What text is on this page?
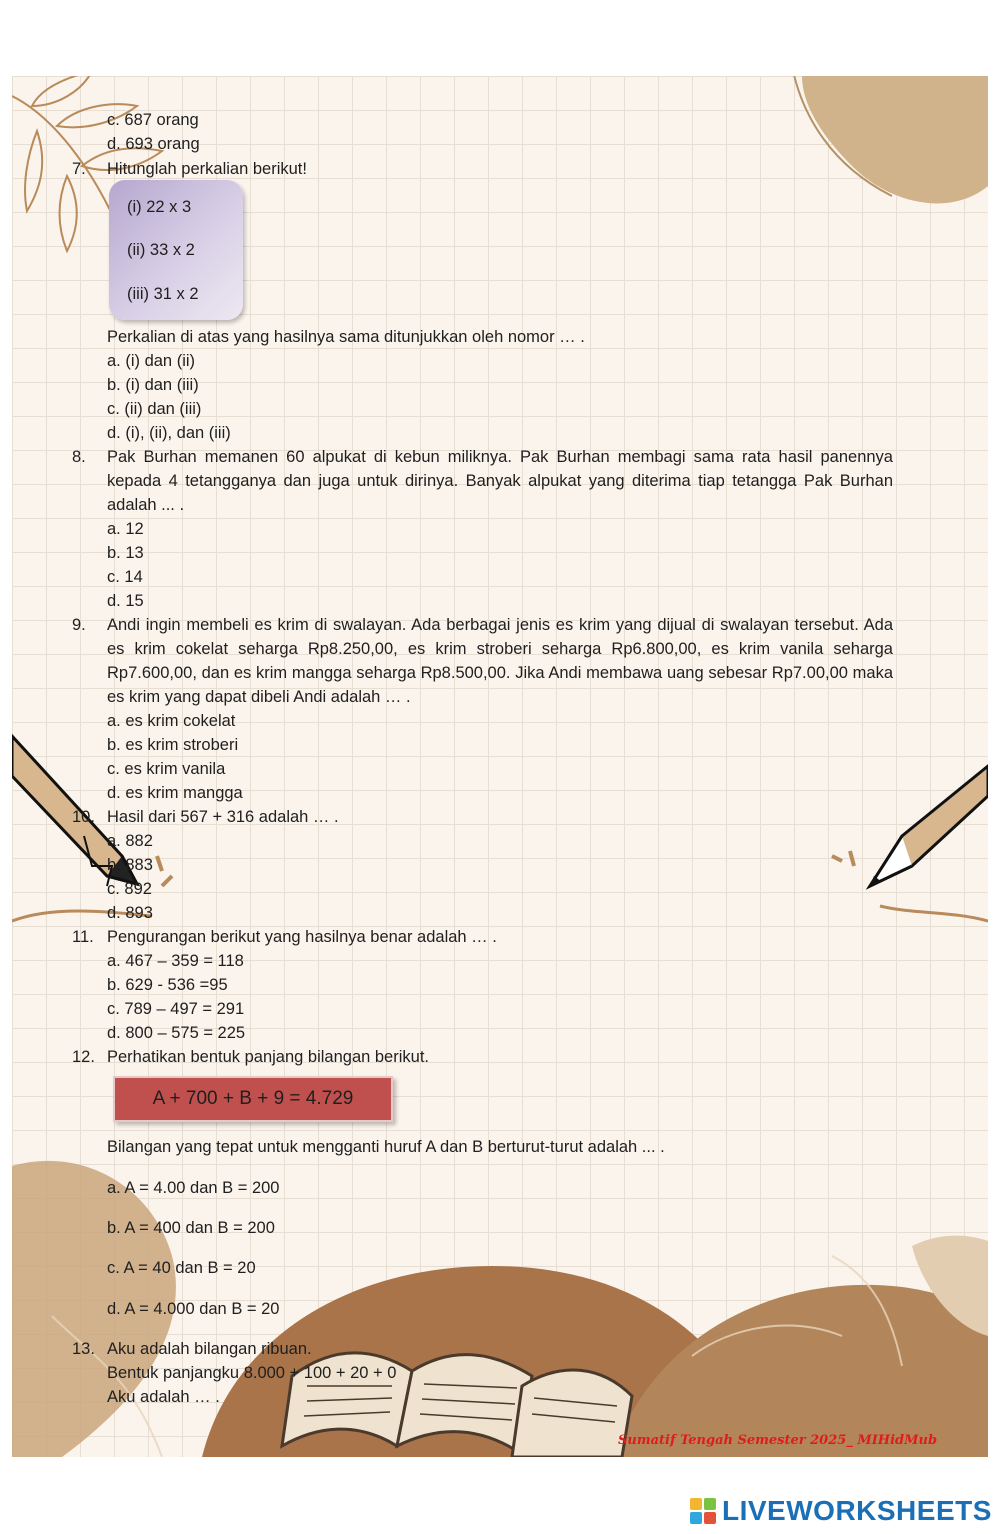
c. 687 orang
d. 693 orang
7.	Hitunglah perkalian berikut!
(i) 22 x 3
(ii) 33 x 2
(iii) 31 x 2
Perkalian di atas yang hasilnya sama ditunjukkan oleh nomor … .
a. (i) dan (ii)
b. (i) dan (iii)
c. (ii) dan (iii)
d. (i), (ii), dan (iii)
8.	Pak Burhan memanen 60 alpukat di kebun miliknya. Pak Burhan membagi sama rata hasil panennya kepada 4 tetangganya dan juga untuk dirinya. Banyak alpukat yang diterima tiap tetangga Pak Burhan adalah ... .
a. 12
b. 13
c. 14
d. 15
9.	Andi ingin membeli es krim di swalayan. Ada berbagai jenis es krim yang dijual di swalayan tersebut. Ada es krim cokelat seharga Rp8.250,00, es krim stroberi seharga Rp6.800,00, es krim vanila seharga Rp7.600,00, dan es krim mangga seharga Rp8.500,00. Jika Andi membawa uang sebesar Rp7.00,00 maka es krim yang dapat dibeli Andi adalah … .
a. es krim cokelat
b. es krim stroberi
c. es krim vanila
d. es krim mangga
10. Hasil dari 567 + 316 adalah … .
a. 882
b. 883
c. 892
d. 893
11. Pengurangan berikut yang hasilnya benar adalah … .
a. 467 – 359 = 118
b. 629 - 536 =95
c. 789 – 497 = 291
d. 800 – 575 = 225
12. Perhatikan bentuk panjang bilangan berikut.
A + 700 + B + 9 = 4.729
Bilangan yang tepat untuk mengganti huruf A dan B berturut-turut adalah ... .
a. A = 4.00 dan B = 200
b. A = 400 dan B = 200
c. A = 40 dan B = 20
d. A = 4.000 dan B = 20
13. Aku adalah bilangan ribuan.
Bentuk panjangku 8.000 + 100 + 20 + 0
Aku adalah … .
Sumatif Tengah Semester 2025_ MIHidMub
LIVEWORKSHEETS
